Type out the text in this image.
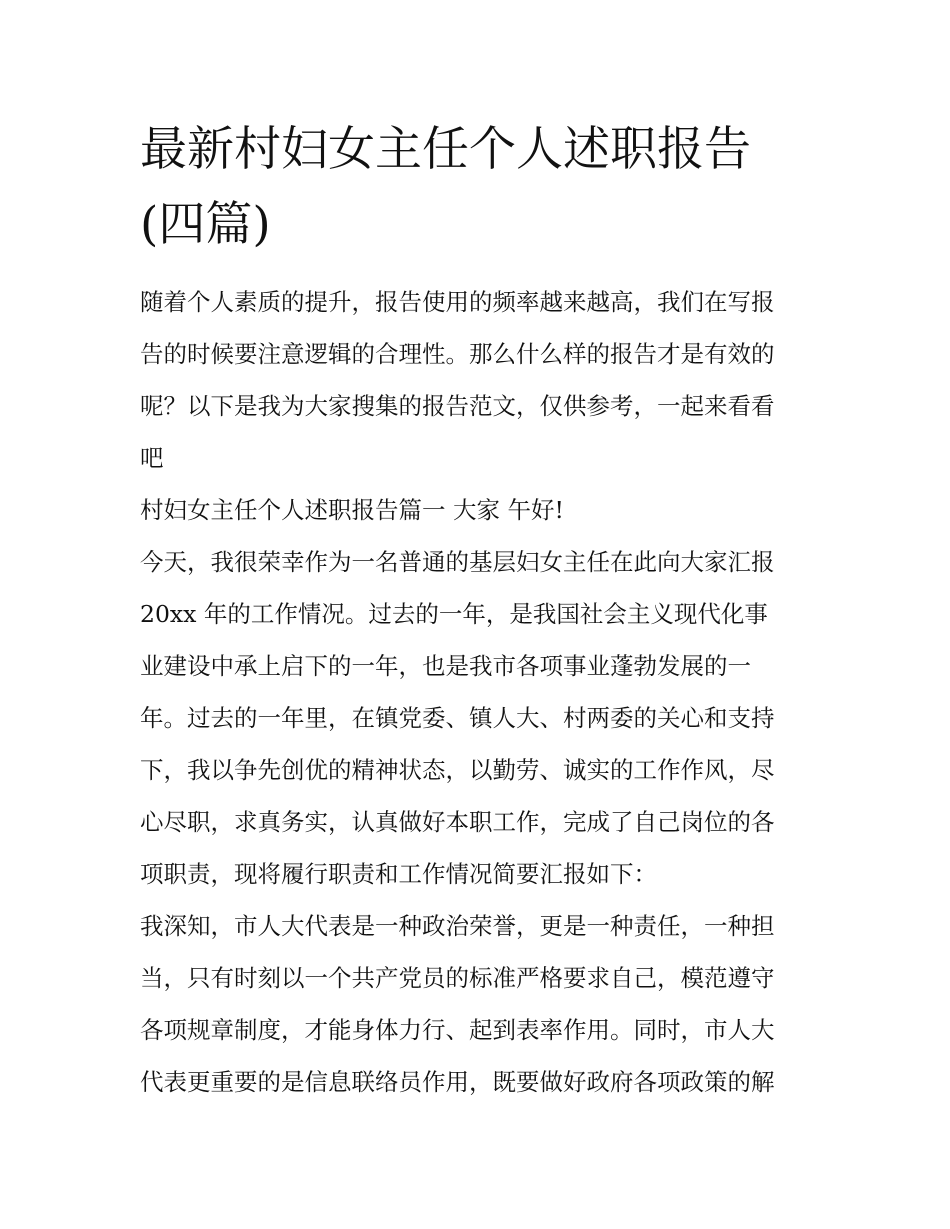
最新村妇女主任个人述职报告
(四篇)
随着个人素质的提升，报告使用的频率越来越高，我们在写报
告的时候要注意逻辑的合理性。那么什么样的报告才是有效的
呢？以下是我为大家搜集的报告范文，仅供参考，一起来看看
吧
村妇女主任个人述职报告篇一 大家 午好!
今天，我很荣幸作为一名普通的基层妇女主任在此向大家汇报
20xx 年的工作情况。过去的一年，是我国社会主义现代化事
业建设中承上启下的一年，也是我市各项事业蓬勃发展的一
年。过去的一年里，在镇党委、镇人大、村两委的关心和支持
下，我以争先创优的精神状态，以勤劳、诚实的工作作风，尽
心尽职，求真务实，认真做好本职工作，完成了自己岗位的各
项职责，现将履行职责和工作情况简要汇报如下：
我深知，市人大代表是一种政治荣誉，更是一种责任，一种担
当，只有时刻以一个共产党员的标准严格要求自己，模范遵守
各项规章制度，才能身体力行、起到表率作用。同时，市人大
代表更重要的是信息联络员作用，既要做好政府各项政策的解
